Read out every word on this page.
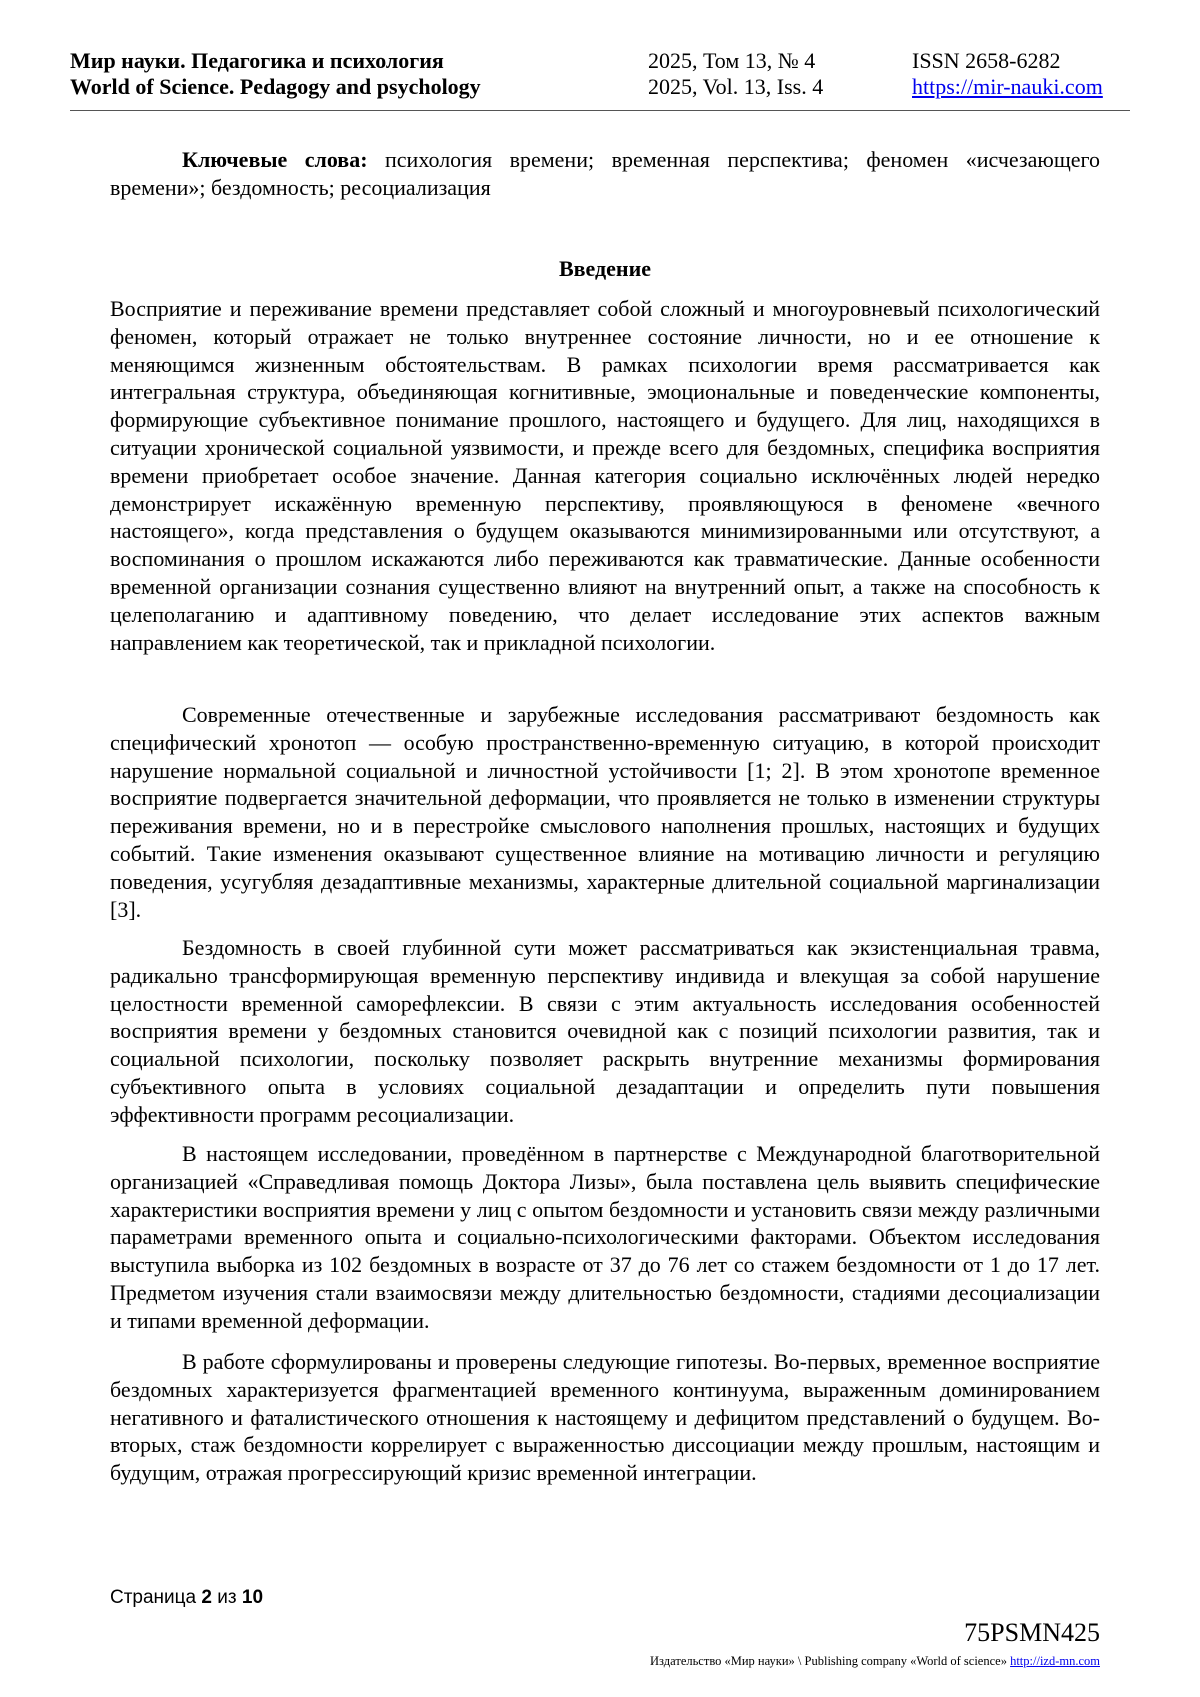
Мир науки. Педагогика и психология
World of Science. Pedagogy and psychology
2025, Том 13, № 4
2025, Vol. 13, Iss. 4
ISSN 2658-6282
https://mir-nauki.com

Ключевые слова: психология времени; временная перспектива; феномен «исчезающего времени»; бездомность; ресоциализация

Введение

Восприятие и переживание времени представляет собой сложный и многоуровневый психологический феномен, который отражает не только внутреннее состояние личности, но и ее отношение к меняющимся жизненным обстоятельствам. В рамках психологии время рассматривается как интегральная структура, объединяющая когнитивные, эмоциональные и поведенческие компоненты, формирующие субъективное понимание прошлого, настоящего и будущего. Для лиц, находящихся в ситуации хронической социальной уязвимости, и прежде всего для бездомных, специфика восприятия времени приобретает особое значение. Данная категория социально исключённых людей нередко демонстрирует искажённую временную перспективу, проявляющуюся в феномене «вечного настоящего», когда представления о будущем оказываются минимизированными или отсутствуют, а воспоминания о прошлом искажаются либо переживаются как травматические. Данные особенности временной организации сознания существенно влияют на внутренний опыт, а также на способность к целеполаганию и адаптивному поведению, что делает исследование этих аспектов важным направлением как теоретической, так и прикладной психологии.

Современные отечественные и зарубежные исследования рассматривают бездомность как специфический хронотоп — особую пространственно-временную ситуацию, в которой происходит нарушение нормальной социальной и личностной устойчивости [1; 2]. В этом хронотопе временное восприятие подвергается значительной деформации, что проявляется не только в изменении структуры переживания времени, но и в перестройке смыслового наполнения прошлых, настоящих и будущих событий. Такие изменения оказывают существенное влияние на мотивацию личности и регуляцию поведения, усугубляя дезадаптивные механизмы, характерные длительной социальной маргинализации [3].

Бездомность в своей глубинной сути может рассматриваться как экзистенциальная травма, радикально трансформирующая временную перспективу индивида и влекущая за собой нарушение целостности временной саморефлексии. В связи с этим актуальность исследования особенностей восприятия времени у бездомных становится очевидной как с позиций психологии развития, так и социальной психологии, поскольку позволяет раскрыть внутренние механизмы формирования субъективного опыта в условиях социальной дезадаптации и определить пути повышения эффективности программ ресоциализации.

В настоящем исследовании, проведённом в партнерстве с Международной благотворительной организацией «Справедливая помощь Доктора Лизы», была поставлена цель выявить специфические характеристики восприятия времени у лиц с опытом бездомности и установить связи между различными параметрами временного опыта и социально-психологическими факторами. Объектом исследования выступила выборка из 102 бездомных в возрасте от 37 до 76 лет со стажем бездомности от 1 до 17 лет. Предметом изучения стали взаимосвязи между длительностью бездомности, стадиями десоциализации и типами временной деформации.

В работе сформулированы и проверены следующие гипотезы. Во-первых, временное восприятие бездомных характеризуется фрагментацией временного континуума, выраженным доминированием негативного и фаталистического отношения к настоящему и дефицитом представлений о будущем. Во-вторых, стаж бездомности коррелирует с выраженностью диссоциации между прошлым, настоящим и будущим, отражая прогрессирующий кризис временной интеграции.

Страница 2 из 10
75PSMN425
Издательство «Мир науки» \ Publishing company «World of science» http://izd-mn.com
